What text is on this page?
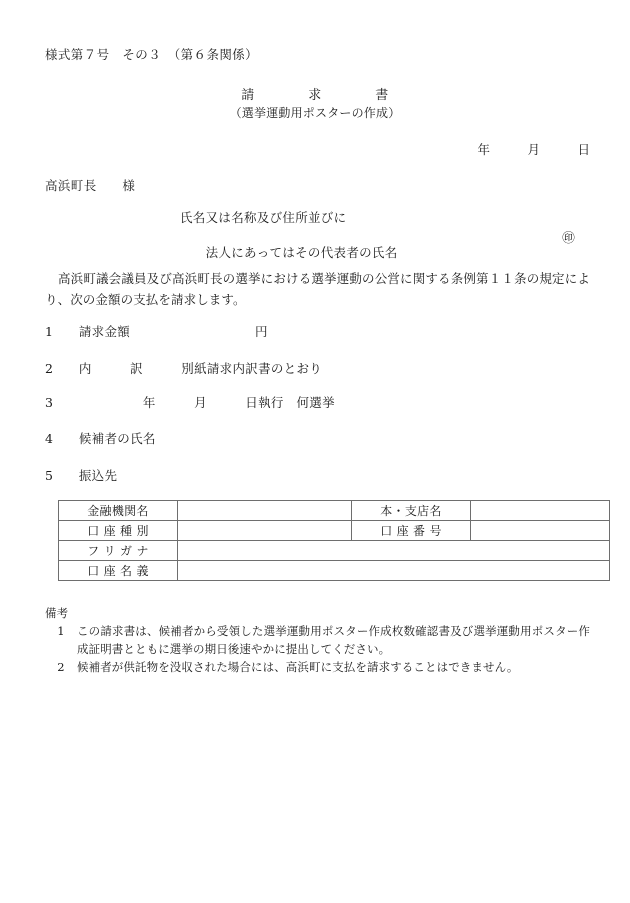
様式第７号　その３　（第６条関係）
請　　　　求　　　　書
（選挙運動用ポスターの作成）
年　　　月　　　日
高浜町長　　様
氏名又は名称及び住所並びに

法人にあってはその代表者の氏名

㊞

高浜町議会議員及び高浜町長の選挙における選挙運動の公営に関する条例第１１条の規定により、次の金額の支払を請求します。
1　　 請求金額	円
2　　 内　　　訳　　　別紙請求内訳書のとおり
3　　　　　　　年　　　月　　　日執行　何選挙
4　　 候補者の氏名
5　　 振込先
金融機関名		本・支店名	
口 座 種 別		口 座 番 号	
フ リ ガ ナ			
口 座 名 義			
備考
1	この請求書は、候補者から受領した選挙運動用ポスター作成枚数確認書及び選挙運動用ポスター作成証明書とともに選挙の期日後速やかに提出してください。
2	候補者が供託物を没収された場合には、高浜町に支払を請求することはできません。
